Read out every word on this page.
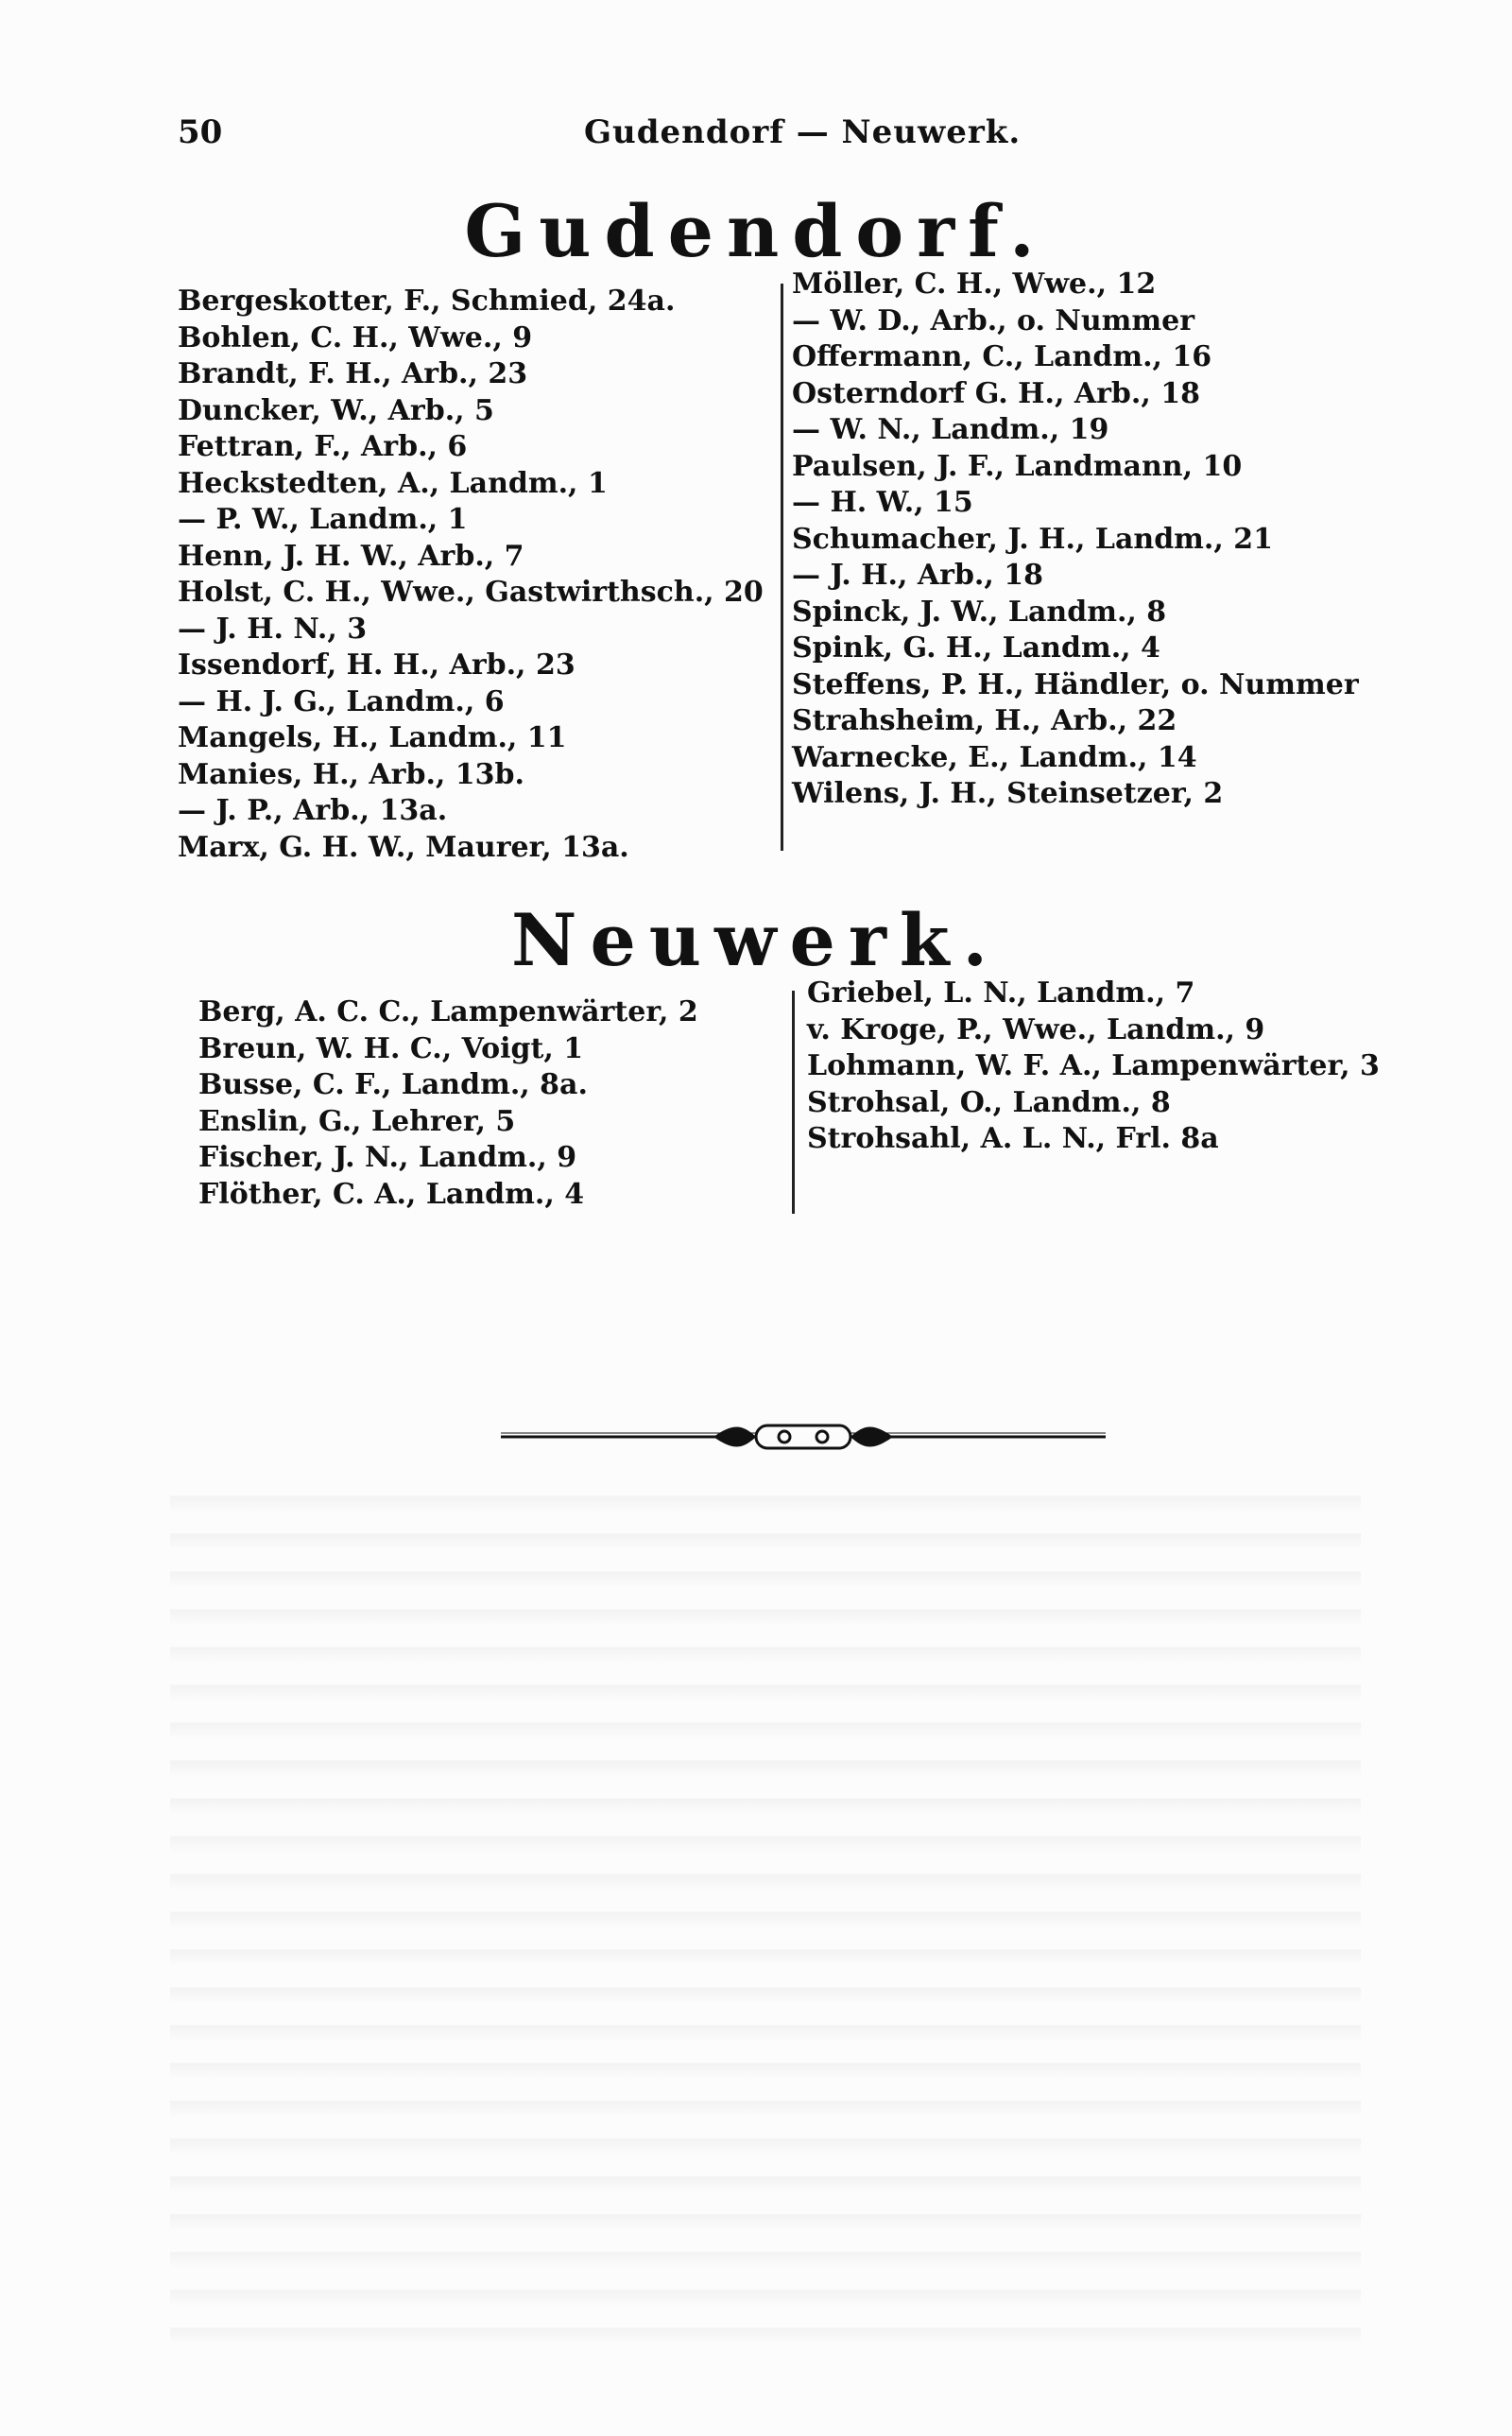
50	Gudendorf — Neuwerk.
Gudendorf.
Bergeskotter, F., Schmied, 24a.
Bohlen, C. H., Wwe., 9
Brandt, F. H., Arb., 23
Duncker, W., Arb., 5
Fettran, F., Arb., 6
Heckstedten, A., Landm., 1
— P. W., Landm., 1
Henn, J. H. W., Arb., 7
Holst, C. H., Wwe., Gastwirthsch., 20
— J. H. N., 3
Issendorf, H. H., Arb., 23
— H. J. G., Landm., 6
Mangels, H., Landm., 11
Manies, H., Arb., 13b.
— J. P., Arb., 13a.
Marx, G. H. W., Maurer, 13a.
Möller, C. H., Wwe., 12
— W. D., Arb., o. Nummer
Offermann, C., Landm., 16
Osterndorf G. H., Arb., 18
— W. N., Landm., 19
Paulsen, J. F., Landmann, 10
— H. W., 15
Schumacher, J. H., Landm., 21
— J. H., Arb., 18
Spinck, J. W., Landm., 8
Spink, G. H., Landm., 4
Steffens, P. H., Händler, o. Nummer
Strahsheim, H., Arb., 22
Warnecke, E., Landm., 14
Wilens, J. H., Steinsetzer, 2
Neuwerk.
Berg, A. C. C., Lampenwärter, 2
Breun, W. H. C., Voigt, 1
Busse, C. F., Landm., 8a.
Enslin, G., Lehrer, 5
Fischer, J. N., Landm., 9
Flöther, C. A., Landm., 4
Griebel, L. N., Landm., 7
v. Kroge, P., Wwe., Landm., 9
Lohmann, W. F. A., Lampenwärter, 3
Strohsal, O., Landm., 8
Strohsahl, A. L. N., Frl. 8a
